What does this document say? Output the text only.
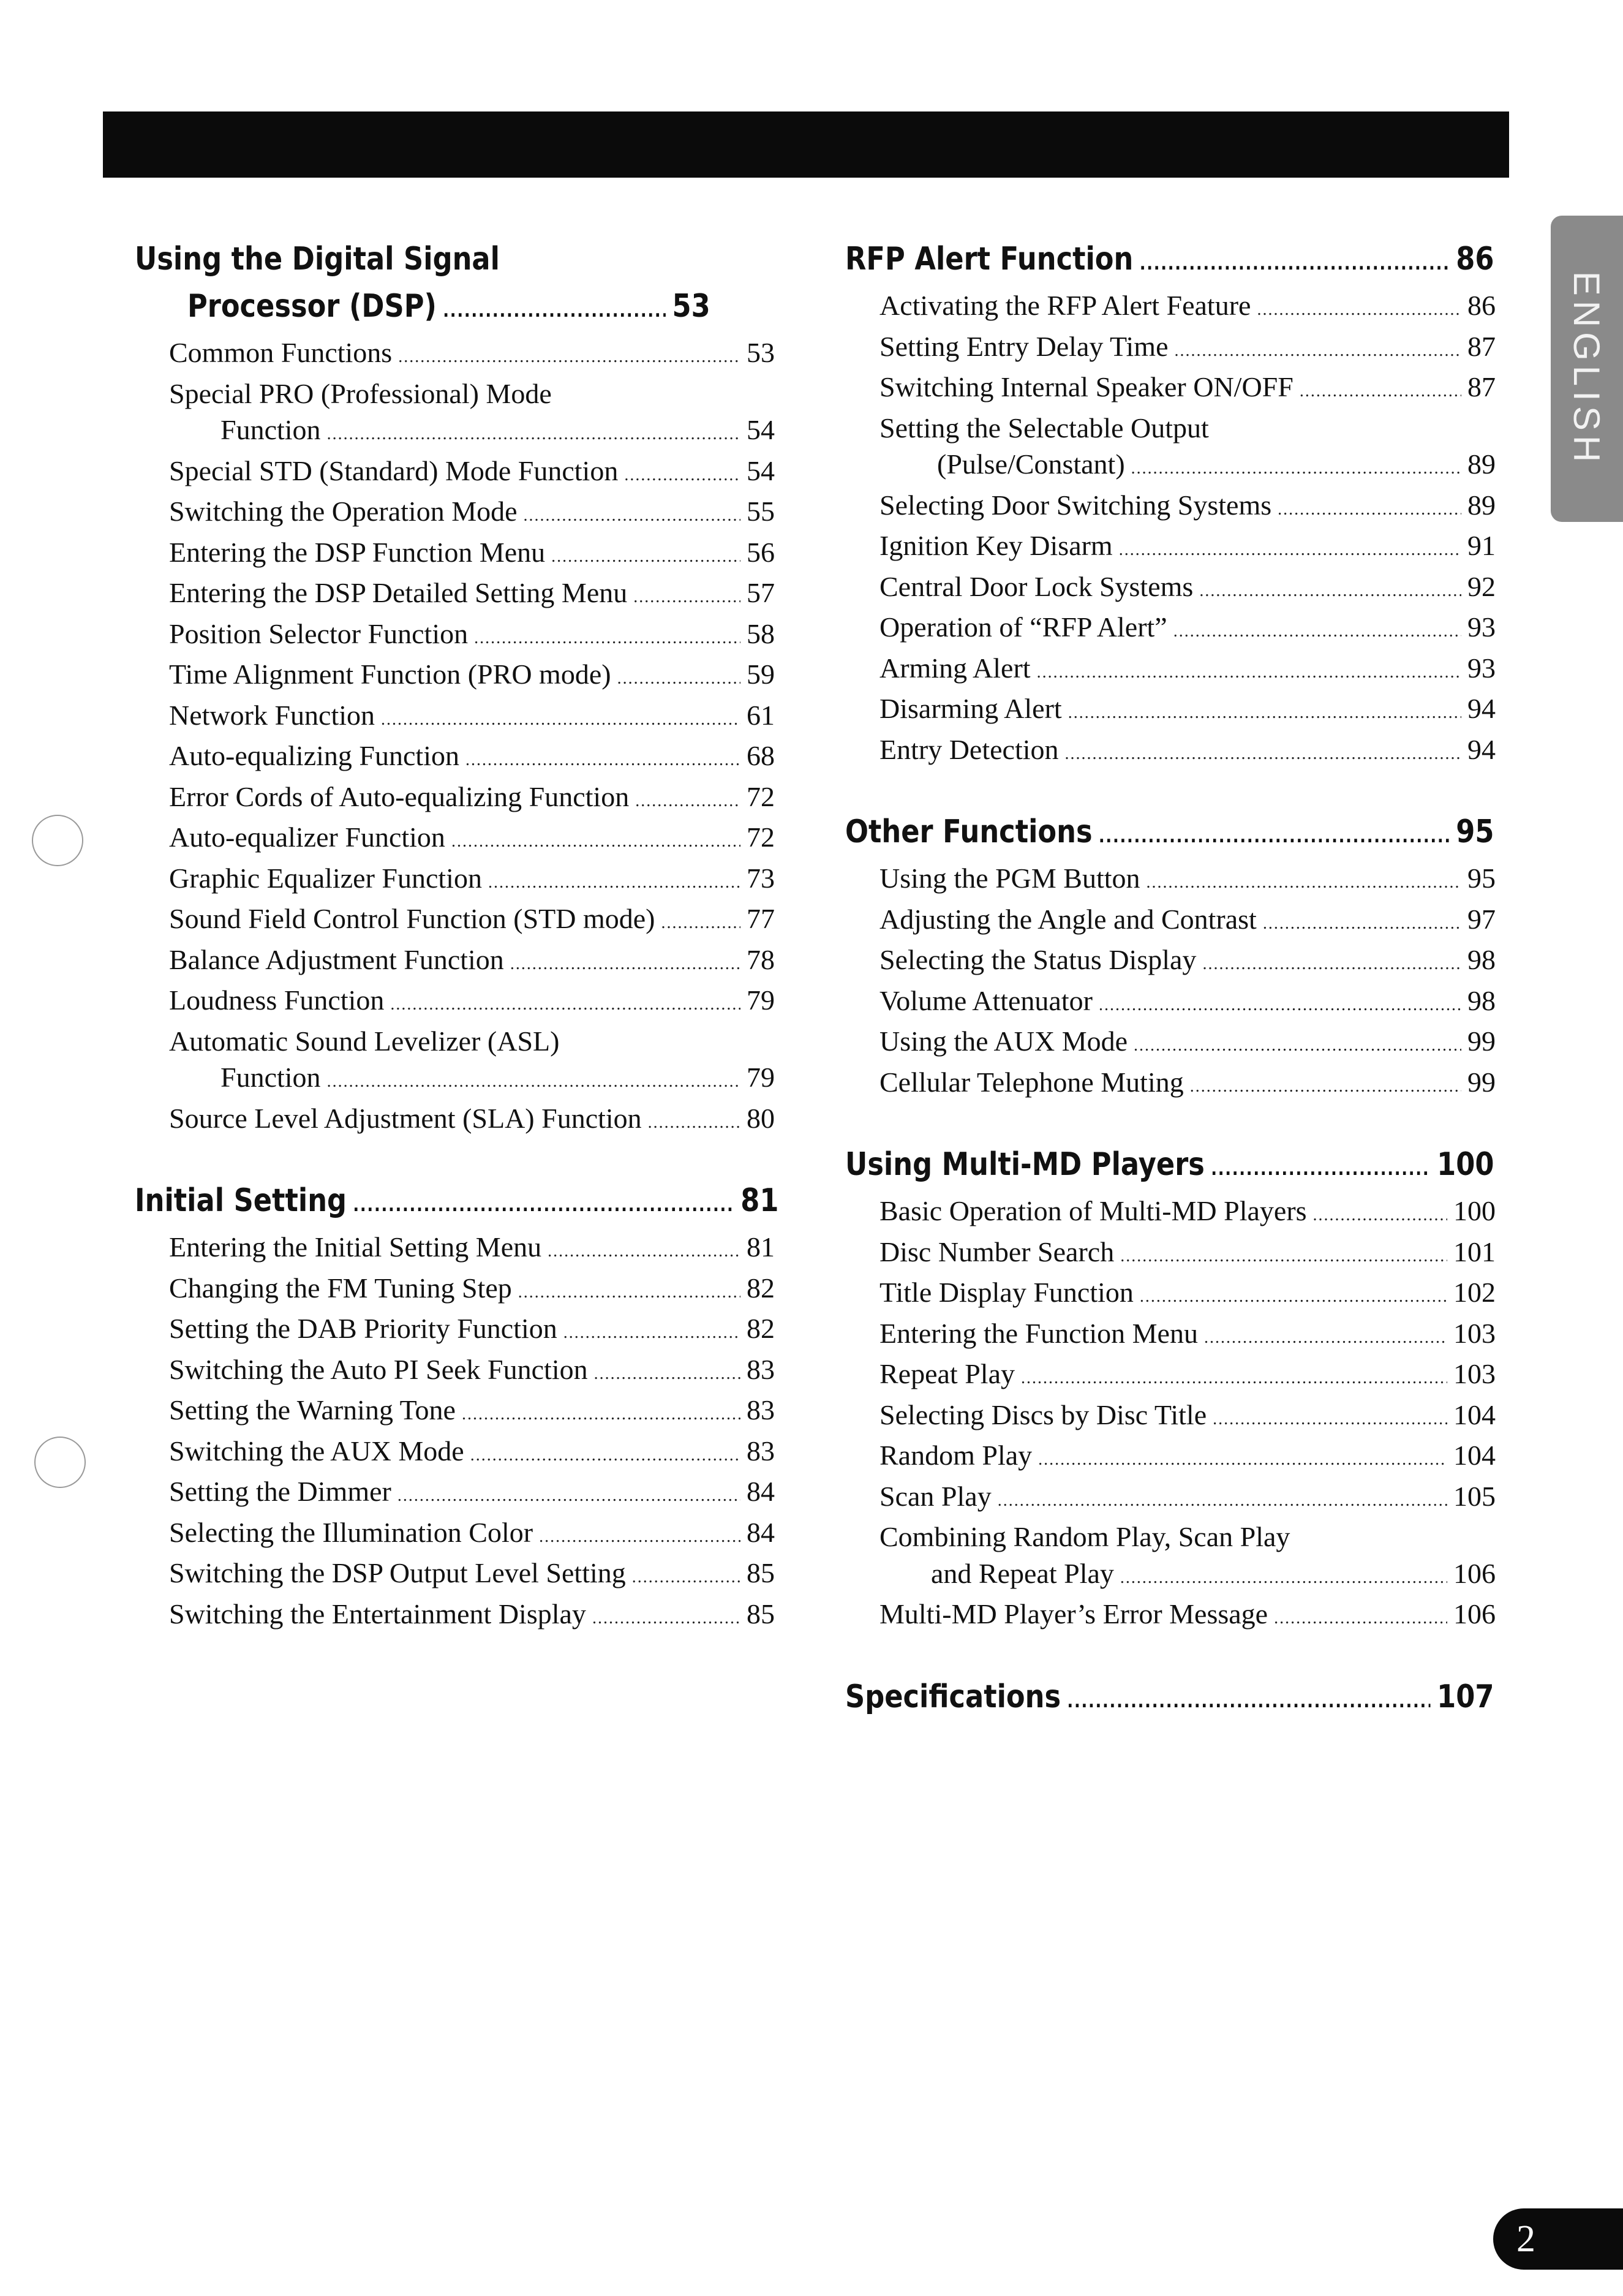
ENGLISH
Using the Digital Signal
Processor (DSP) .....	53
Common Functions .....	53
Special PRO (Professional) Mode
Function .....	54
Special STD (Standard) Mode Function .....	54
Switching the Operation Mode .....	55
Entering the DSP Function Menu .....	56
Entering the DSP Detailed Setting Menu .....	57
Position Selector Function .....	58
Time Alignment Function (PRO mode) .....	59
Network Function .....	61
Auto-equalizing Function .....	68
Error Cords of Auto-equalizing Function .....	72
Auto-equalizer Function .....	72
Graphic Equalizer Function .....	73
Sound Field Control Function (STD mode) .....	77
Balance Adjustment Function .....	78
Loudness Function .....	79
Automatic Sound Levelizer (ASL)
Function .....	79
Source Level Adjustment (SLA) Function .....	80
Initial Setting .....	81
Entering the Initial Setting Menu .....	81
Changing the FM Tuning Step .....	82
Setting the DAB Priority Function .....	82
Switching the Auto PI Seek Function .....	83
Setting the Warning Tone .....	83
Switching the AUX Mode .....	83
Setting the Dimmer .....	84
Selecting the Illumination Color .....	84
Switching the DSP Output Level Setting .....	85
Switching the Entertainment Display .....	85
RFP Alert Function .....	86
Activating the RFP Alert Feature .....	86
Setting Entry Delay Time .....	87
Switching Internal Speaker ON/OFF .....	87
Setting the Selectable Output
(Pulse/Constant) .....	89
Selecting Door Switching Systems .....	89
Ignition Key Disarm .....	91
Central Door Lock Systems .....	92
Operation of “RFP Alert” .....	93
Arming Alert .....	93
Disarming Alert .....	94
Entry Detection .....	94
Other Functions .....	95
Using the PGM Button .....	95
Adjusting the Angle and Contrast .....	97
Selecting the Status Display .....	98
Volume Attenuator .....	98
Using the AUX Mode .....	99
Cellular Telephone Muting .....	99
Using Multi-MD Players .....	100
Basic Operation of Multi-MD Players .....	100
Disc Number Search .....	101
Title Display Function .....	102
Entering the Function Menu .....	103
Repeat Play .....	103
Selecting Discs by Disc Title .....	104
Random Play .....	104
Scan Play .....	105
Combining Random Play, Scan Play
and Repeat Play .....	106
Multi-MD Player’s Error Message .....	106
Specifications .....	107
2
